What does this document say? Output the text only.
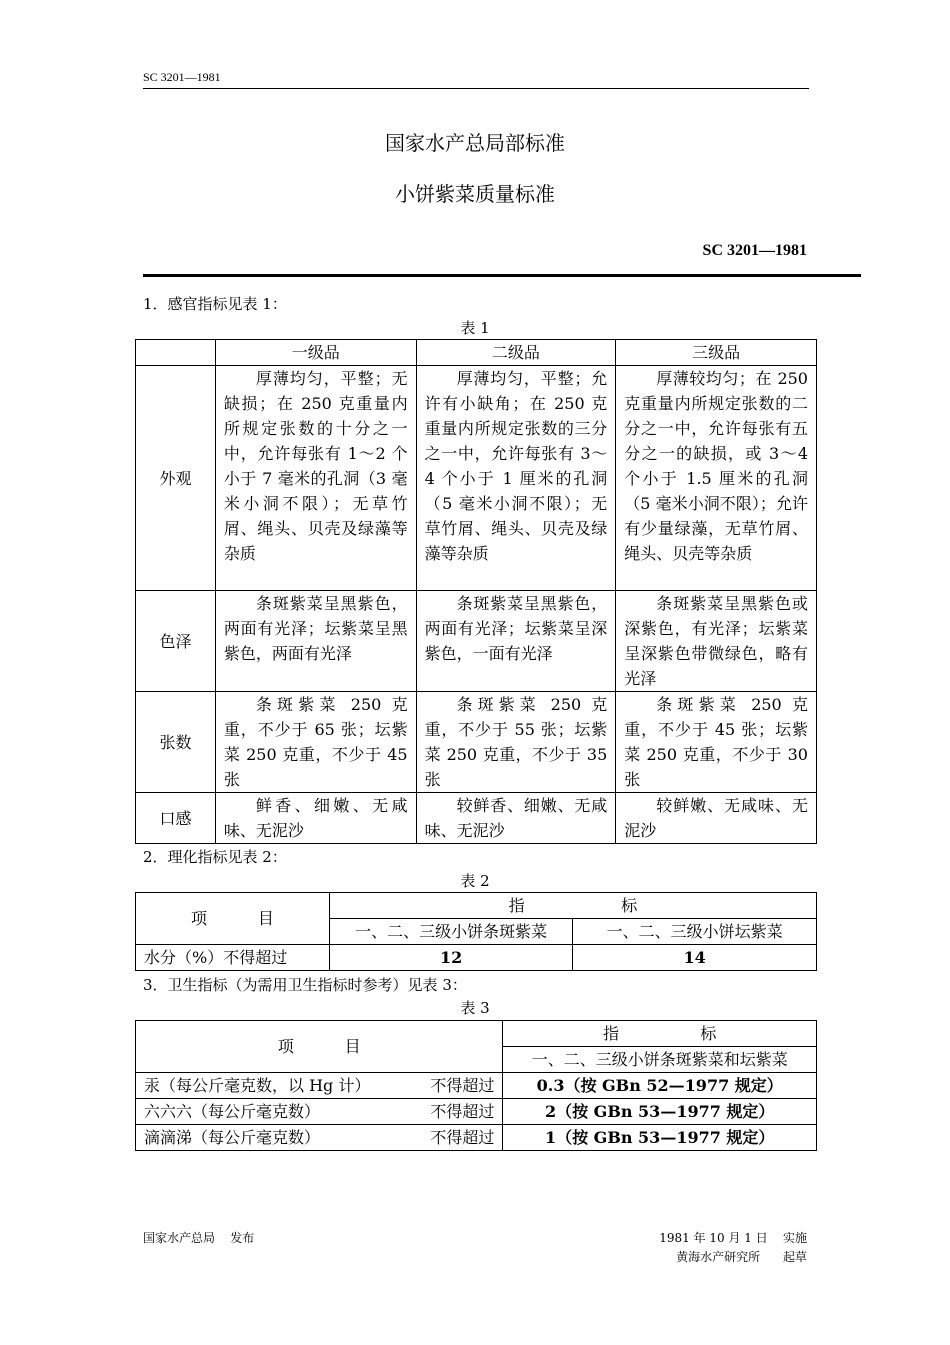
SC 3201—1981
国家水产总局部标准
小饼紫菜质量标准
SC 3201—1981
1．感官指标见表 1：
表 1
	一级品	二级品	三级品
外观	厚薄均匀，平整；无缺损；在 250 克重量内所规定张数的十分之一中，允许每张有 1～2 个小于 7 毫米的孔洞（3 毫米小洞不限）；无草竹屑、绳头、贝壳及绿藻等杂质	厚薄均匀，平整；允许有小缺角；在 250 克重量内所规定张数的三分之一中，允许每张有 3～4 个小于 1 厘米的孔洞（5 毫米小洞不限）；无草竹屑、绳头、贝壳及绿藻等杂质	厚薄较均匀；在 250 克重量内所规定张数的二分之一中，允许每张有五分之一的缺损，或 3～4 个小于 1.5 厘米的孔洞（5 毫米小洞不限）；允许有少量绿藻，无草竹屑、绳头、贝壳等杂质
色泽	条斑紫菜呈黑紫色，两面有光泽；坛紫菜呈黑紫色，两面有光泽	条斑紫菜呈黑紫色，两面有光泽；坛紫菜呈深紫色，一面有光泽	条斑紫菜呈黑紫色或深紫色，有光泽；坛紫菜呈深紫色带微绿色，略有光泽
张数	条斑紫菜 250 克重，不少于 65 张；坛紫菜 250 克重，不少于 45 张	条斑紫菜 250 克重，不少于 55 张；坛紫菜 250 克重，不少于 35 张	条斑紫菜 250 克重，不少于 45 张；坛紫菜 250 克重，不少于 30 张
口感	鲜香、细嫩、无咸味、无泥沙	较鲜香、细嫩、无咸味、无泥沙	较鲜嫩、无咸味、无泥沙
2．理化指标见表 2：
表 2
项          目	指                   标	
	一、二、三级小饼条斑紫菜	一、二、三级小饼坛紫菜
水分（%）不得超过	12	14
3．卫生指标（为需用卫生指标时参考）见表 3：
表 3
项          目		指                标
		一、二、三级小饼条斑紫菜和坛紫菜
汞（每公斤毫克数，以 Hg 计）	不得超过	0.3（按 GBn 52—1977 规定）
六六六（每公斤毫克数）	不得超过	2（按 GBn 53—1977 规定）
滴滴涕（每公斤毫克数）	不得超过	1（按 GBn 53—1977 规定）
国家水产总局    发布	1981 年 10 月 1 日    实施
黄海水产研究所      起草
